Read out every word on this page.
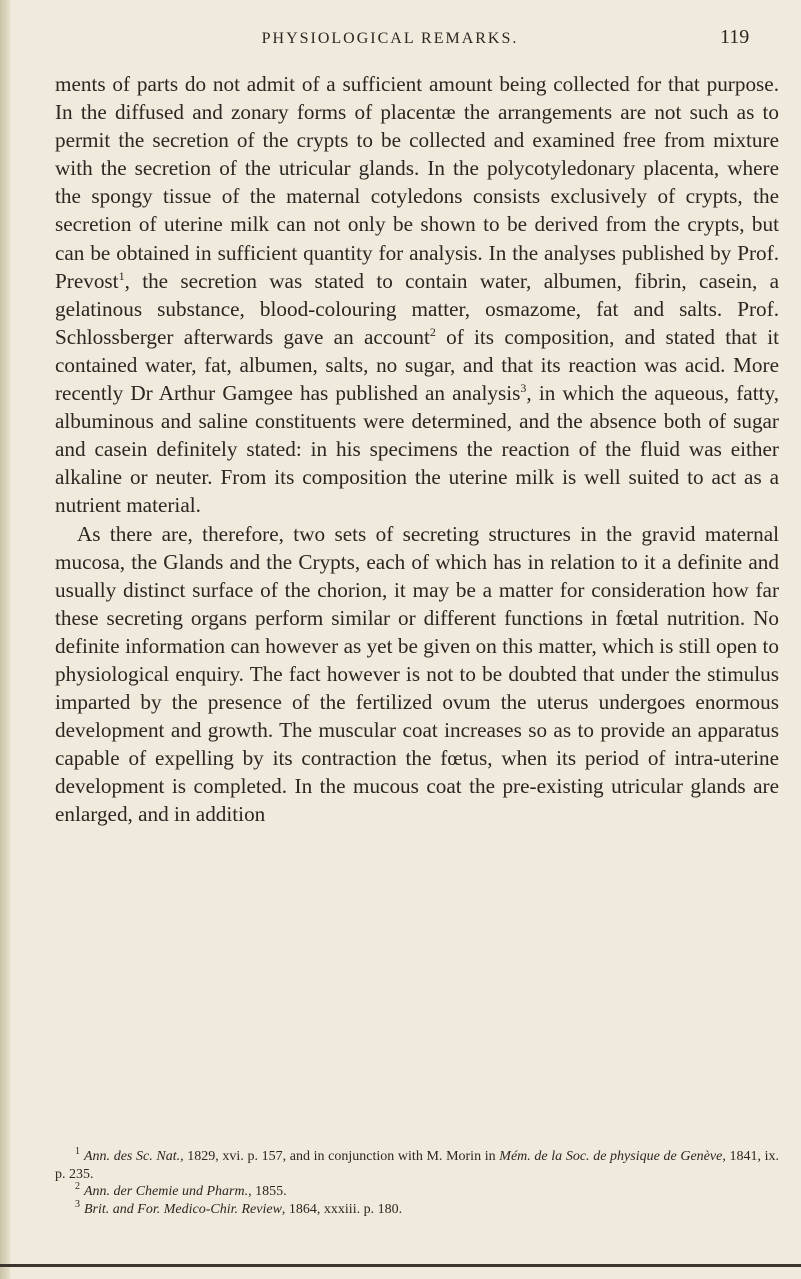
PHYSIOLOGICAL REMARKS.	119

ments of parts do not admit of a sufficient amount being collected for that purpose. In the diffused and zonary forms of placentæ the arrangements are not such as to permit the secretion of the crypts to be collected and examined free from mixture with the secretion of the utricular glands. In the polycotyledonary placenta, where the spongy tissue of the maternal cotyledons consists exclusively of crypts, the secretion of uterine milk can not only be shown to be derived from the crypts, but can be obtained in sufficient quantity for analysis. In the analyses published by Prof. Prevost$^1$, the secretion was stated to contain water, albumen, fibrin, casein, a gelatinous substance, blood-colouring matter, osmazome, fat and salts. Prof. Schlossberger afterwards gave an account$^2$ of its composition, and stated that it contained water, fat, albumen, salts, no sugar, and that its reaction was acid. More recently Dr Arthur Gamgee has published an analysis$^3$, in which the aqueous, fatty, albuminous and saline constituents were determined, and the absence both of sugar and casein definitely stated: in his specimens the reaction of the fluid was either alkaline or neuter. From its composition the uterine milk is well suited to act as a nutrient material.

As there are, therefore, two sets of secreting structures in the gravid maternal mucosa, the Glands and the Crypts, each of which has in relation to it a definite and usually distinct surface of the chorion, it may be a matter for consideration how far these secreting organs perform similar or different functions in fœtal nutrition. No definite information can however as yet be given on this matter, which is still open to physiological enquiry. The fact however is not to be doubted that under the stimulus imparted by the presence of the fertilized ovum the uterus undergoes enormous development and growth. The muscular coat increases so as to provide an apparatus capable of expelling by its contraction the fœtus, when its period of intra-uterine development is completed. In the mucous coat the pre-existing utricular glands are enlarged, and in addition

$^1$ Ann. des Sc. Nat., 1829, xvi. p. 157, and in conjunction with M. Morin in Mém. de la Soc. de physique de Genève, 1841, ix. p. 235.

$^2$ Ann. der Chemie und Pharm., 1855.

$^3$ Brit. and For. Medico-Chir. Review, 1864, xxxiii. p. 180.
